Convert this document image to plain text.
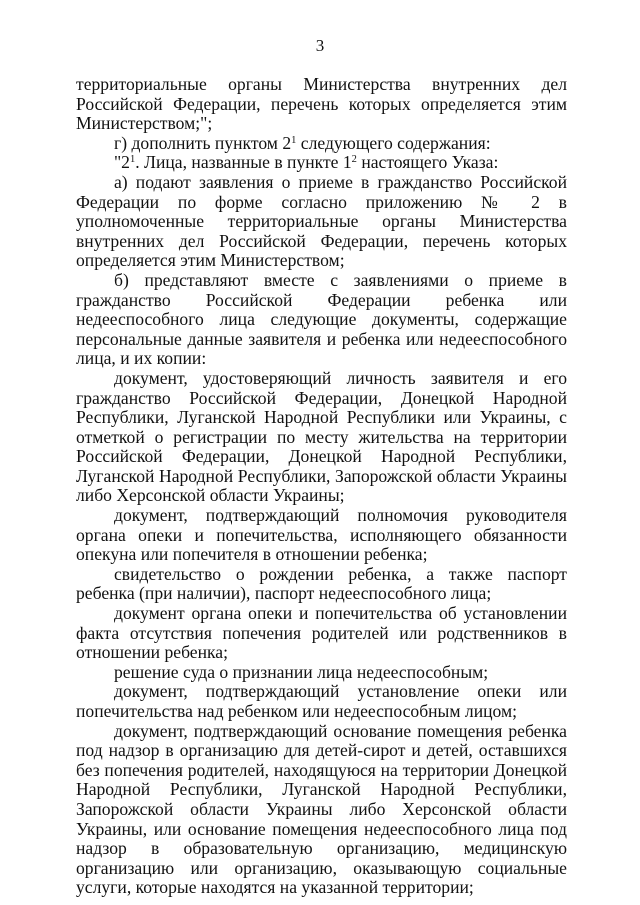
3

территориальные органы Министерства внутренних дел Российской Федерации, перечень которых определяется этим Министерством;";

г) дополнить пунктом $2^1$ следующего содержания:

"$2^1$. Лица, названные в пункте $1^2$ настоящего Указа:

а) подают заявления о приеме в гражданство Российской Федерации по форме согласно приложению № 2 в уполномоченные территориальные органы Министерства внутренних дел Российской Федерации, перечень которых определяется этим Министерством;

б) представляют вместе с заявлениями о приеме в гражданство Российской Федерации ребенка или недееспособного лица следующие документы, содержащие персональные данные заявителя и ребенка или недееспособного лица, и их копии:

документ, удостоверяющий личность заявителя и его гражданство Российской Федерации, Донецкой Народной Республики, Луганской Народной Республики или Украины, с отметкой о регистрации по месту жительства на территории Российской Федерации, Донецкой Народной Республики, Луганской Народной Республики, Запорожской области Украины либо Херсонской области Украины;

документ, подтверждающий полномочия руководителя органа опеки и попечительства, исполняющего обязанности опекуна или попечителя в отношении ребенка;

свидетельство о рождении ребенка, а также паспорт ребенка (при наличии), паспорт недееспособного лица;

документ органа опеки и попечительства об установлении факта отсутствия попечения родителей или родственников в отношении ребенка;

решение суда о признании лица недееспособным;

документ, подтверждающий установление опеки или попечительства над ребенком или недееспособным лицом;

документ, подтверждающий основание помещения ребенка под надзор в организацию для детей-сирот и детей, оставшихся без попечения родителей, находящуюся на территории Донецкой Народной Республики, Луганской Народной Республики, Запорожской области Украины либо Херсонской области Украины, или основание помещения недееспособного лица под надзор в образовательную организацию, медицинскую организацию или организацию, оказывающую социальные услуги, которые находятся на указанной территории;
